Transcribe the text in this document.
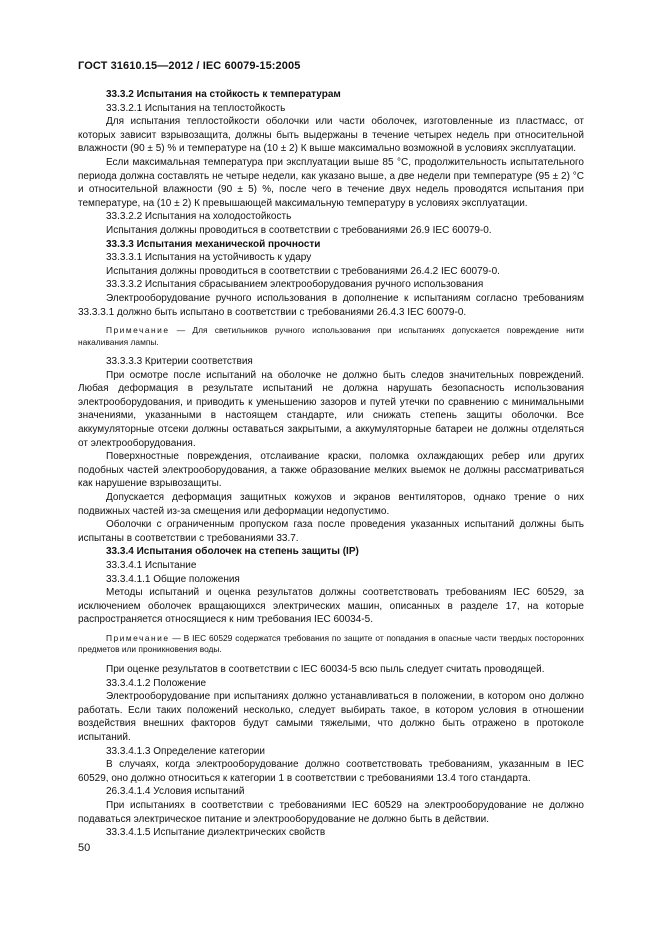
ГОСТ 31610.15—2012 / IEC 60079-15:2005

33.3.2 Испытания на стойкость к температурам

33.3.2.1 Испытания на теплостойкость

Для испытания теплостойкости оболочки или части оболочек, изготовленные из пластмасс, от которых зависит взрывозащита, должны быть выдержаны в течение четырех недель при относительной влажности (90 ± 5) % и температуре на (10 ± 2) К выше максимально возможной в условиях эксплуатации.

Если максимальная температура при эксплуатации выше 85 °С, продолжительность испытательного периода должна составлять не четыре недели, как указано выше, а две недели при температуре (95 ± 2) °С и относительной влажности (90 ± 5) %, после чего в течение двух недель проводятся испытания при температуре, на (10 ± 2) К превышающей максимальную температуру в условиях эксплуатации.

33.3.2.2 Испытания на холодостойкость

Испытания должны проводиться в соответствии с требованиями 26.9 IEC 60079-0.

33.3.3 Испытания механической прочности

33.3.3.1 Испытания на устойчивость к удару

Испытания должны проводиться в соответствии с требованиями 26.4.2 IEC 60079-0.

33.3.3.2 Испытания сбрасыванием электрооборудования ручного использования

Электрооборудование ручного использования в дополнение к испытаниям согласно требованиям 33.3.3.1 должно быть испытано в соответствии с требованиями 26.4.3 IEC 60079-0.

Примечание — Для светильников ручного использования при испытаниях допускается повреждение нити накаливания лампы.

33.3.3.3 Критерии соответствия

При осмотре после испытаний на оболочке не должно быть следов значительных повреждений. Любая деформация в результате испытаний не должна нарушать безопасность использования электрооборудования, и приводить к уменьшению зазоров и путей утечки по сравнению с минимальными значениями, указанными в настоящем стандарте, или снижать степень защиты оболочки. Все аккумуляторные отсеки должны оставаться закрытыми, а аккумуляторные батареи не должны отделяться от электрооборудования.

Поверхностные повреждения, отслаивание краски, поломка охлаждающих ребер или других подобных частей электрооборудования, а также образование мелких выемок не должны рассматриваться как нарушение взрывозащиты.

Допускается деформация защитных кожухов и экранов вентиляторов, однако трение о них подвижных частей из-за смещения или деформации недопустимо.

Оболочки с ограниченным пропуском газа после проведения указанных испытаний должны быть испытаны в соответствии с требованиями 33.7.

33.3.4 Испытания оболочек на степень защиты (IP)

33.3.4.1 Испытание

33.3.4.1.1 Общие положения

Методы испытаний и оценка результатов должны соответствовать требованиям IEC 60529, за исключением оболочек вращающихся электрических машин, описанных в разделе 17, на которые распространяется относящиеся к ним требования IEC 60034-5.

Примечание — В IEC 60529 содержатся требования по защите от попадания в опасные части твердых посторонних предметов или проникновения воды.

При оценке результатов в соответствии с IEC 60034-5 всю пыль следует считать проводящей.

33.3.4.1.2 Положение

Электрооборудование при испытаниях должно устанавливаться в положении, в котором оно должно работать. Если таких положений несколько, следует выбирать такое, в котором условия в отношении воздействия внешних факторов будут самыми тяжелыми, что должно быть отражено в протоколе испытаний.

33.3.4.1.3 Определение категории

В случаях, когда электрооборудование должно соответствовать требованиям, указанным в IEC 60529, оно должно относиться к категории 1 в соответствии с требованиями 13.4 того стандарта.

26.3.4.1.4 Условия испытаний

При испытаниях в соответствии с требованиями IEC 60529 на электрооборудование не должно подаваться электрическое питание и электрооборудование не должно быть в действии.

33.3.4.1.5 Испытание диэлектрических свойств

50
